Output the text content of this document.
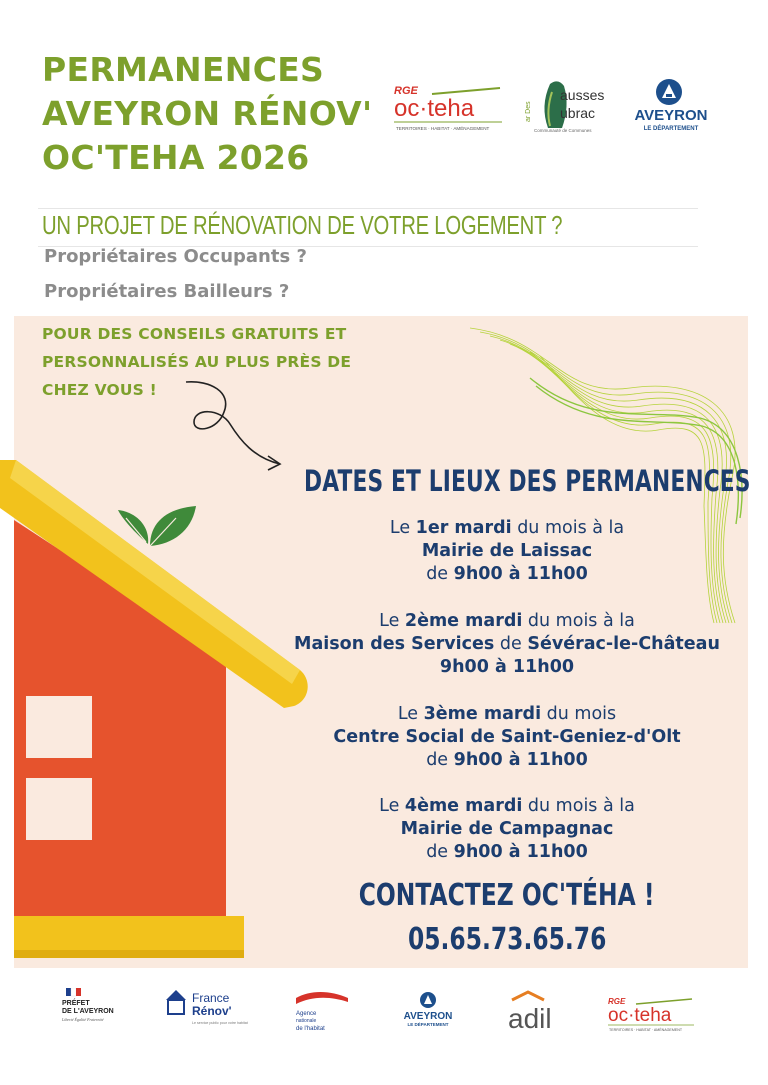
PERMANENCES
AVEYRON RÉNOV'
OC'TEHA 2026
RGE
oc·teha
TERRITOIRES · HABITAT · AMÉNAGEMENT
ar Des
ausses
ubrac
Communauté de Communes
AVEYRON
LE DÉPARTEMENT
UN PROJET DE RÉNOVATION DE VOTRE LOGEMENT ?
Propriétaires Occupants ?
Propriétaires Bailleurs ?
POUR DES CONSEILS GRATUITS ET
PERSONNALISÉS AU PLUS PRÈS DE
CHEZ VOUS !
DATES ET LIEUX DES PERMANENCES
Le 1er mardi du mois à la
Mairie de Laissac
de 9h00 à 11h00
Le 2ème mardi du mois à la
Maison des Services de Sévérac-le-Château
9h00 à 11h00
Le 3ème mardi du mois
Centre Social de Saint-Geniez-d'Olt
de 9h00 à 11h00
Le 4ème mardi du mois à la
Mairie de Campagnac
de 9h00 à 11h00
CONTACTEZ OC'TÉHA !
05.65.73.65.76
PRÉFET
DE L'AVEYRON
Liberté Égalité Fraternité
France
Rénov'
Le service public pour votre habitat
Agence
nationale
de l'habitat
AVEYRON
LE DÉPARTEMENT adil
RGE
oc·teha
TERRITOIRES · HABITAT · AMÉNAGEMENT
